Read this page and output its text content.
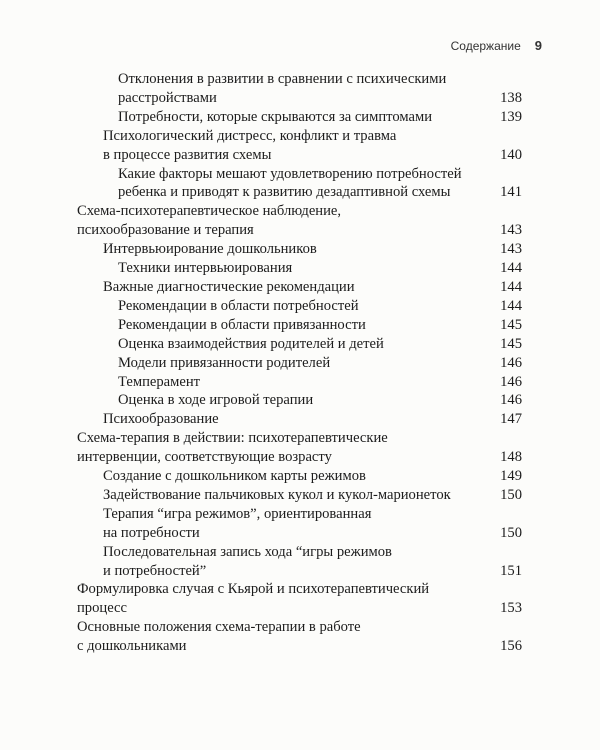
Содержание 9
Отклонения в развитии в сравнении с психическими
расстройствами	138
Потребности, которые скрываются за симптомами	139
Психологический дистресс, конфликт и травма
в процессе развития схемы	140
Какие факторы мешают удовлетворению потребностей
ребенка и приводят к развитию дезадаптивной схемы	141
Схема-психотерапевтическое наблюдение,
психообразование и терапия	143
Интервьюирование дошкольников	143
Техники интервьюирования	144
Важные диагностические рекомендации	144
Рекомендации в области потребностей	144
Рекомендации в области привязанности	145
Оценка взаимодействия родителей и детей	145
Модели привязанности родителей	146
Темперамент	146
Оценка в ходе игровой терапии	146
Психообразование	147
Схема-терапия в действии: психотерапевтические
интервенции, соответствующие возрасту	148
Создание с дошкольником карты режимов	149
Задействование пальчиковых кукол и кукол-марионеток	150
Терапия “игра режимов”, ориентированная
на потребности	150
Последовательная запись хода “игры режимов
и потребностей”	151
Формулировка случая с Кьярой и психотерапевтический
процесс	153
Основные положения схема-терапии в работе
с дошкольниками	156
